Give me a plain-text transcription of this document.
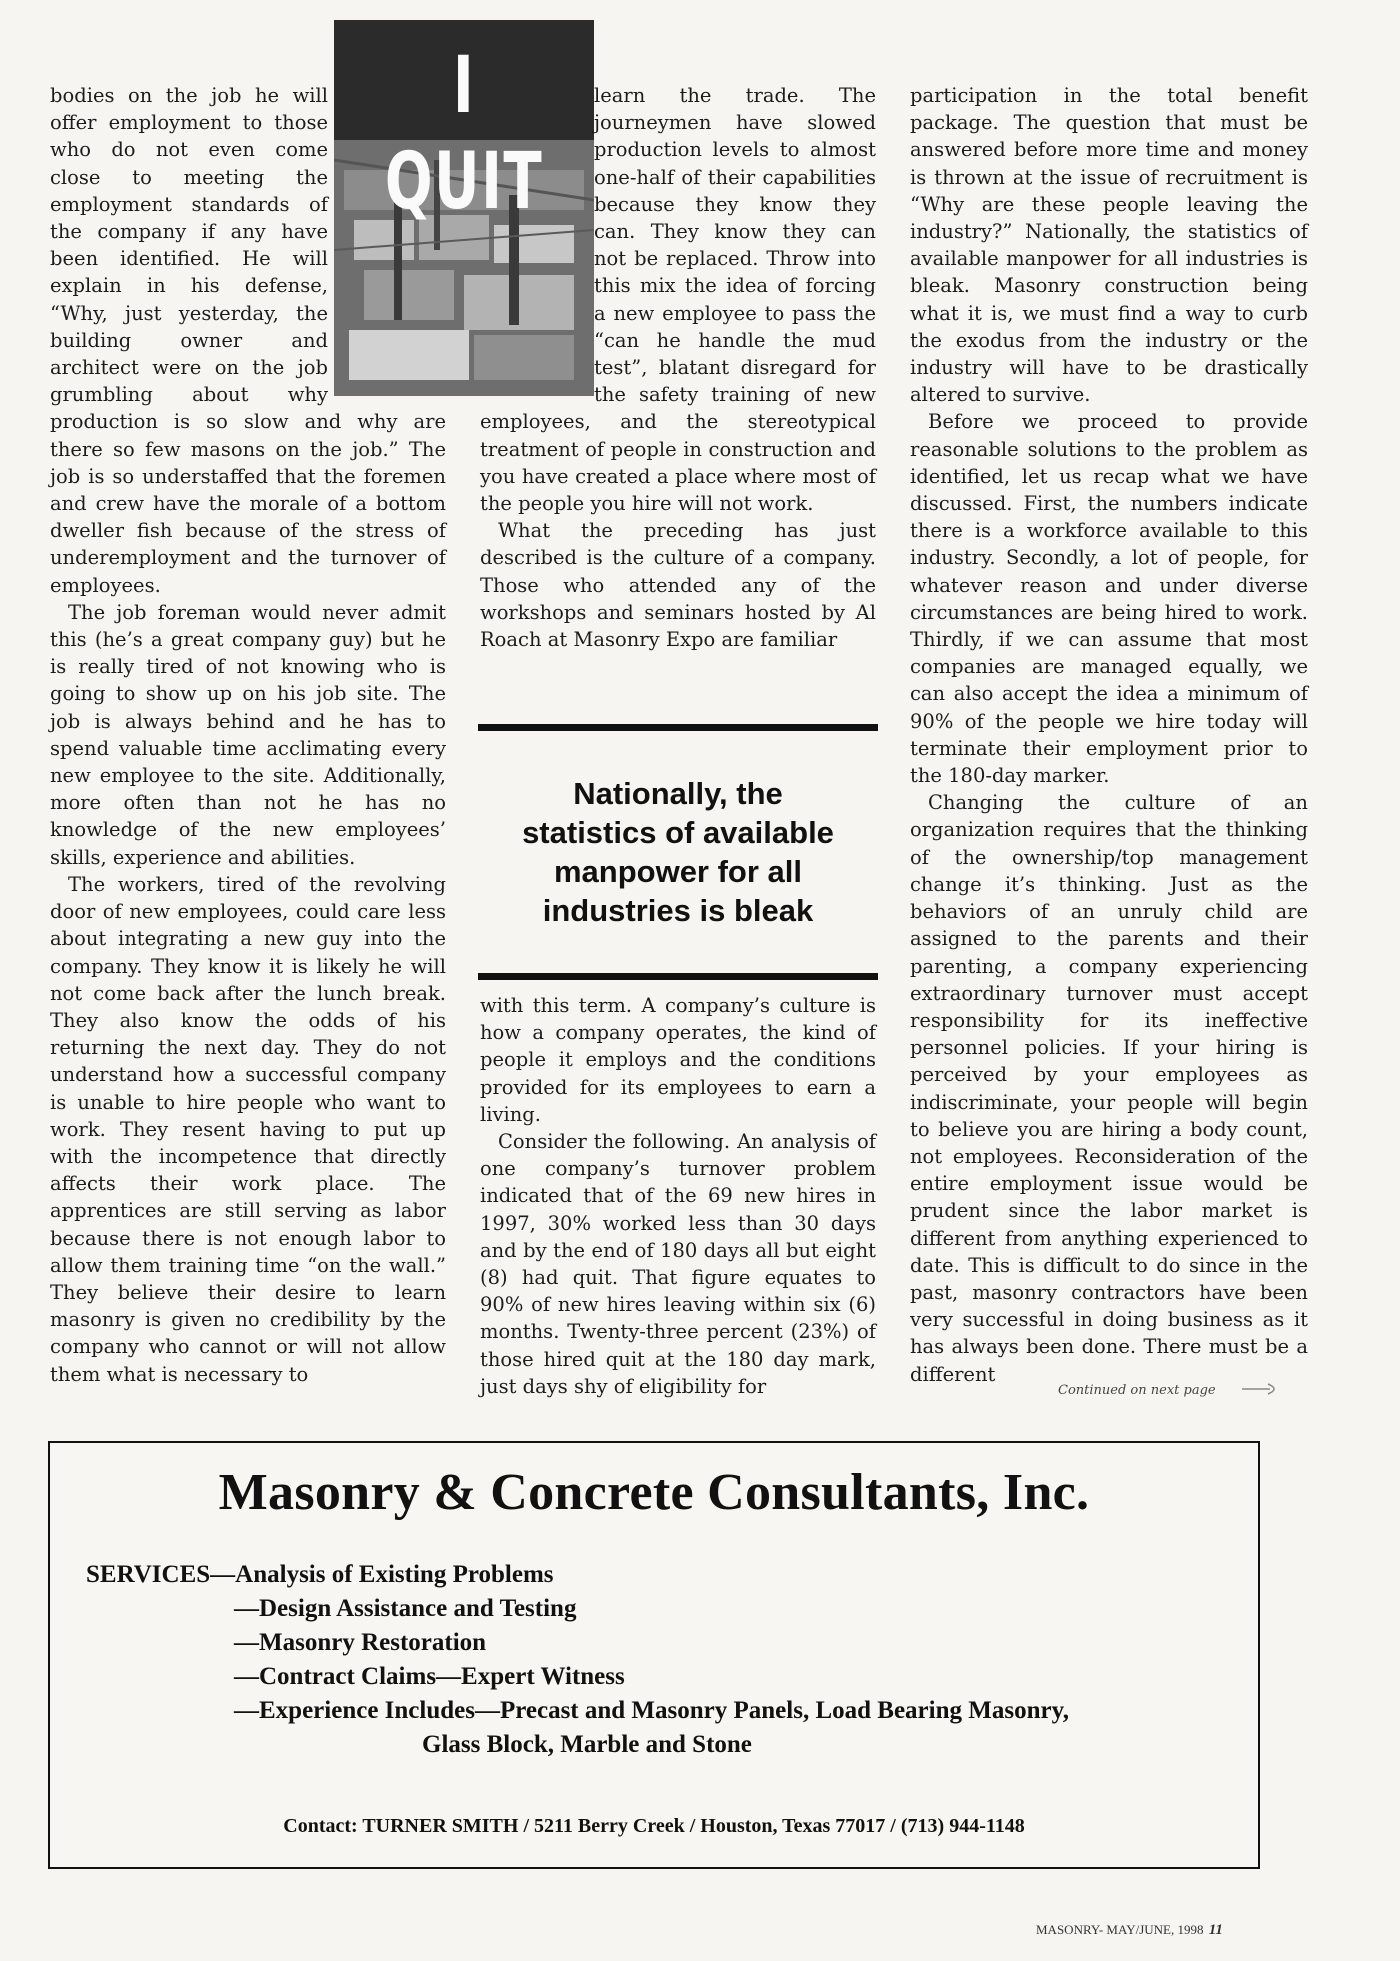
bodies on the job he will offer employment to those who do not even come close to meeting the employment standards of the company if any have been identified. He will explain in his defense, “Why, just yesterday, the building owner and architect were on the job grumbling about why production is so slow and why are there so few masons on the job.” The job is so understaffed that the foremen and crew have the morale of a bottom dweller fish because of the stress of underemployment and the turnover of employees.

The job foreman would never admit this (he’s a great company guy) but he is really tired of not knowing who is going to show up on his job site. The job is always behind and he has to spend valuable time acclimating every new employee to the site. Additionally, more often than not he has no knowledge of the new employees’ skills, experience and abilities.

The workers, tired of the revolving door of new employees, could care less about integrating a new guy into the company. They know it is likely he will not come back after the lunch break. They also know the odds of his returning the next day. They do not understand how a successful company is unable to hire people who want to work. They resent having to put up with the incompetence that directly affects their work place. The apprentices are still serving as labor because there is not enough labor to allow them training time “on the wall.” They believe their desire to learn masonry is given no credibility by the company who cannot or will not allow them what is necessary to

I QUIT

learn the trade. The journeymen have slowed production levels to almost one-half of their capabilities because they know they can. They know they can not be replaced. Throw into this mix the idea of forcing a new employee to pass the “can he handle the mud test”, blatant disregard for the safety training of new employees, and the stereotypical treatment of people in construction and you have created a place where most of the people you hire will not work.

What the preceding has just described is the culture of a company. Those who attended any of the workshops and seminars hosted by Al Roach at Masonry Expo are familiar

Nationally, the statistics of available manpower for all industries is bleak

with this term. A company’s culture is how a company operates, the kind of people it employs and the conditions provided for its employees to earn a living.

Consider the following. An analysis of one company’s turnover problem indicated that of the 69 new hires in 1997, 30% worked less than 30 days and by the end of 180 days all but eight (8) had quit. That figure equates to 90% of new hires leaving within six (6) months. Twenty-three percent (23%) of those hired quit at the 180 day mark, just days shy of eligibility for

participation in the total benefit package. The question that must be answered before more time and money is thrown at the issue of recruitment is “Why are these people leaving the industry?” Nationally, the statistics of available manpower for all industries is bleak. Masonry construction being what it is, we must find a way to curb the exodus from the industry or the industry will have to be drastically altered to survive.

Before we proceed to provide reasonable solutions to the problem as identified, let us recap what we have discussed. First, the numbers indicate there is a workforce available to this industry. Secondly, a lot of people, for whatever reason and under diverse circumstances are being hired to work. Thirdly, if we can assume that most companies are managed equally, we can also accept the idea a minimum of 90% of the people we hire today will terminate their employment prior to the 180-day marker.

Changing the culture of an organization requires that the thinking of the ownership/top management change it’s thinking. Just as the behaviors of an unruly child are assigned to the parents and their parenting, a company experiencing extraordinary turnover must accept responsibility for its ineffective personnel policies. If your hiring is perceived by your employees as indiscriminate, your people will begin to believe you are hiring a body count, not employees. Reconsideration of the entire employment issue would be prudent since the labor market is different from anything experienced to date. This is difficult to do since in the past, masonry contractors have been very successful in doing business as it has always been done. There must be a different

Continued on next page
Masonry & Concrete Consultants, Inc.
SERVICES—Analysis of Existing Problems
—Design Assistance and Testing
—Masonry Restoration
—Contract Claims—Expert Witness
—Experience Includes—Precast and Masonry Panels, Load Bearing Masonry,
Glass Block, Marble and Stone
Contact: TURNER SMITH / 5211 Berry Creek / Houston, Texas 77017 / (713) 944-1148
MASONRY- MAY/JUNE, 1998 11
